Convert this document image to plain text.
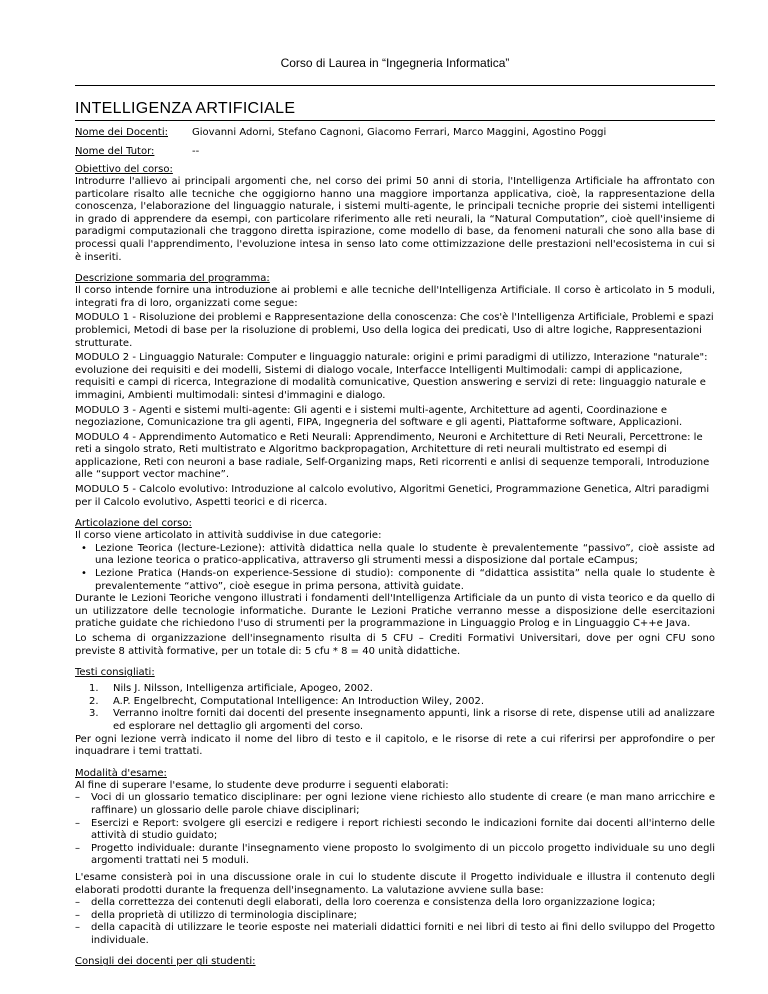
Corso di Laurea in “Ingegneria Informatica”
INTELLIGENZA ARTIFICIALE
Nome dei Docenti:	Giovanni Adorni, Stefano Cagnoni, Giacomo Ferrari, Marco Maggini, Agostino Poggi
Nome del Tutor:	--
Obiettivo del corso:

Introdurre l'allievo ai principali argomenti che, nel corso dei primi 50 anni di storia, l'Intelligenza Artificiale ha affrontato con particolare risalto alle tecniche che oggigiorno hanno una maggiore importanza applicativa, cioè, la rappresentazione della conoscenza, l'elaborazione del linguaggio naturale, i sistemi multi-agente, le principali tecniche proprie dei sistemi intelligenti in grado di apprendere da esempi, con particolare riferimento alle reti neurali, la “Natural Computation”, cioè quell'insieme di paradigmi computazionali che traggono diretta ispirazione, come modello di base, da fenomeni naturali che sono alla base di processi quali l'apprendimento, l'evoluzione intesa in senso lato come ottimizzazione delle prestazioni nell'ecosistema in cui si è inseriti.

Descrizione sommaria del programma:

Il corso intende fornire una introduzione ai problemi e alle tecniche dell'Intelligenza Artificiale. Il corso è articolato in 5 moduli, integrati fra di loro, organizzati come segue:

MODULO 1 - Risoluzione dei problemi e Rappresentazione della conoscenza: Che cos'è l'Intelligenza Artificiale, Problemi e spazi problemici, Metodi di base per la risoluzione di problemi, Uso della logica dei predicati, Uso di altre logiche, Rappresentazioni strutturate.

MODULO 2 - Linguaggio Naturale: Computer e linguaggio naturale: origini e primi paradigmi di utilizzo, Interazione "naturale": evoluzione dei requisiti e dei modelli, Sistemi di dialogo vocale, Interfacce Intelligenti Multimodali: campi di applicazione, requisiti e campi di ricerca, Integrazione di modalità comunicative, Question answering e servizi di rete: linguaggio naturale e immagini, Ambienti multimodali: sintesi d'immagini e dialogo.

MODULO 3 - Agenti e sistemi multi-agente: Gli agenti e i sistemi multi-agente, Architetture ad agenti, Coordinazione e negoziazione, Comunicazione tra gli agenti, FIPA, Ingegneria del software e gli agenti, Piattaforme software, Applicazioni.

MODULO 4 - Apprendimento Automatico e Reti Neurali: Apprendimento, Neuroni e Architetture di Reti Neurali, Percettrone: le reti a singolo strato, Reti multistrato e Algoritmo backpropagation, Architetture di reti neurali multistrato ed esempi di applicazione, Reti con neuroni a base radiale, Self-Organizing maps, Reti ricorrenti e anlisi di sequenze temporali, Introduzione alle “support vector machine”.

MODULO 5 - Calcolo evolutivo: Introduzione al calcolo evolutivo, Algoritmi Genetici, Programmazione Genetica, Altri paradigmi per il Calcolo evolutivo, Aspetti teorici e di ricerca.

Articolazione del corso:

Il corso viene articolato in attività suddivise in due categorie:

• Lezione Teorica (lecture-Lezione): attività didattica nella quale lo studente è prevalentemente “passivo”, cioè assiste ad una lezione teorica o pratico-applicativa, attraverso gli strumenti messi a disposizione dal portale eCampus;
• Lezione Pratica (Hands-on experience-Sessione di studio): componente di “didattica assistita” nella quale lo studente è prevalentemente “attivo”, cioè esegue in prima persona, attività guidate.

Durante le Lezioni Teoriche vengono illustrati i fondamenti dell'Intelligenza Artificiale da un punto di vista teorico e da quello di un utilizzatore delle tecnologie informatiche. Durante le Lezioni Pratiche verranno messe a disposizione delle esercitazioni pratiche guidate che richiedono l'uso di strumenti per la programmazione in Linguaggio Prolog e in Linguaggio C++e Java.

Lo schema di organizzazione dell'insegnamento risulta di 5 CFU – Crediti Formativi Universitari, dove per ogni CFU sono previste 8 attività formative, per un totale di: 5 cfu * 8 = 40 unità didattiche.

Testi consigliati:
1.	Nils J. Nilsson, Intelligenza artificiale, Apogeo, 2002.
2.	A.P. Engelbrecht, Computational Intelligence: An Introduction Wiley, 2002.
3.	Verranno inoltre forniti dai docenti del presente insegnamento appunti, link a risorse di rete, dispense utili ad analizzare ed esplorare nel dettaglio gli argomenti del corso.

Per ogni lezione verrà indicato il nome del libro di testo e il capitolo, e le risorse di rete a cui riferirsi per approfondire o per inquadrare i temi trattati.

Modalità d'esame:

Al fine di superare l'esame, lo studente deve produrre i seguenti elaborati:

–	Voci di un glossario tematico disciplinare: per ogni lezione viene richiesto allo studente di creare (e man mano arricchire e raffinare) un glossario delle parole chiave disciplinari;
–	Esercizi e Report: svolgere gli esercizi e redigere i report richiesti secondo le indicazioni fornite dai docenti all'interno delle attività di studio guidato;
–	Progetto individuale: durante l'insegnamento viene proposto lo svolgimento di un piccolo progetto individuale su uno degli argomenti trattati nei 5 moduli.

L'esame consisterà poi in una discussione orale in cui lo studente discute il Progetto individuale e illustra il contenuto degli elaborati prodotti durante la frequenza dell'insegnamento. La valutazione avviene sulla base:

–	della correttezza dei contenuti degli elaborati, della loro coerenza e consistenza della loro organizzazione logica;
–	della proprietà di utilizzo di terminologia disciplinare;
–	della capacità di utilizzare le teorie esposte nei materiali didattici forniti e nei libri di testo ai fini dello sviluppo del Progetto individuale.
Consigli dei docenti per gli studenti:
